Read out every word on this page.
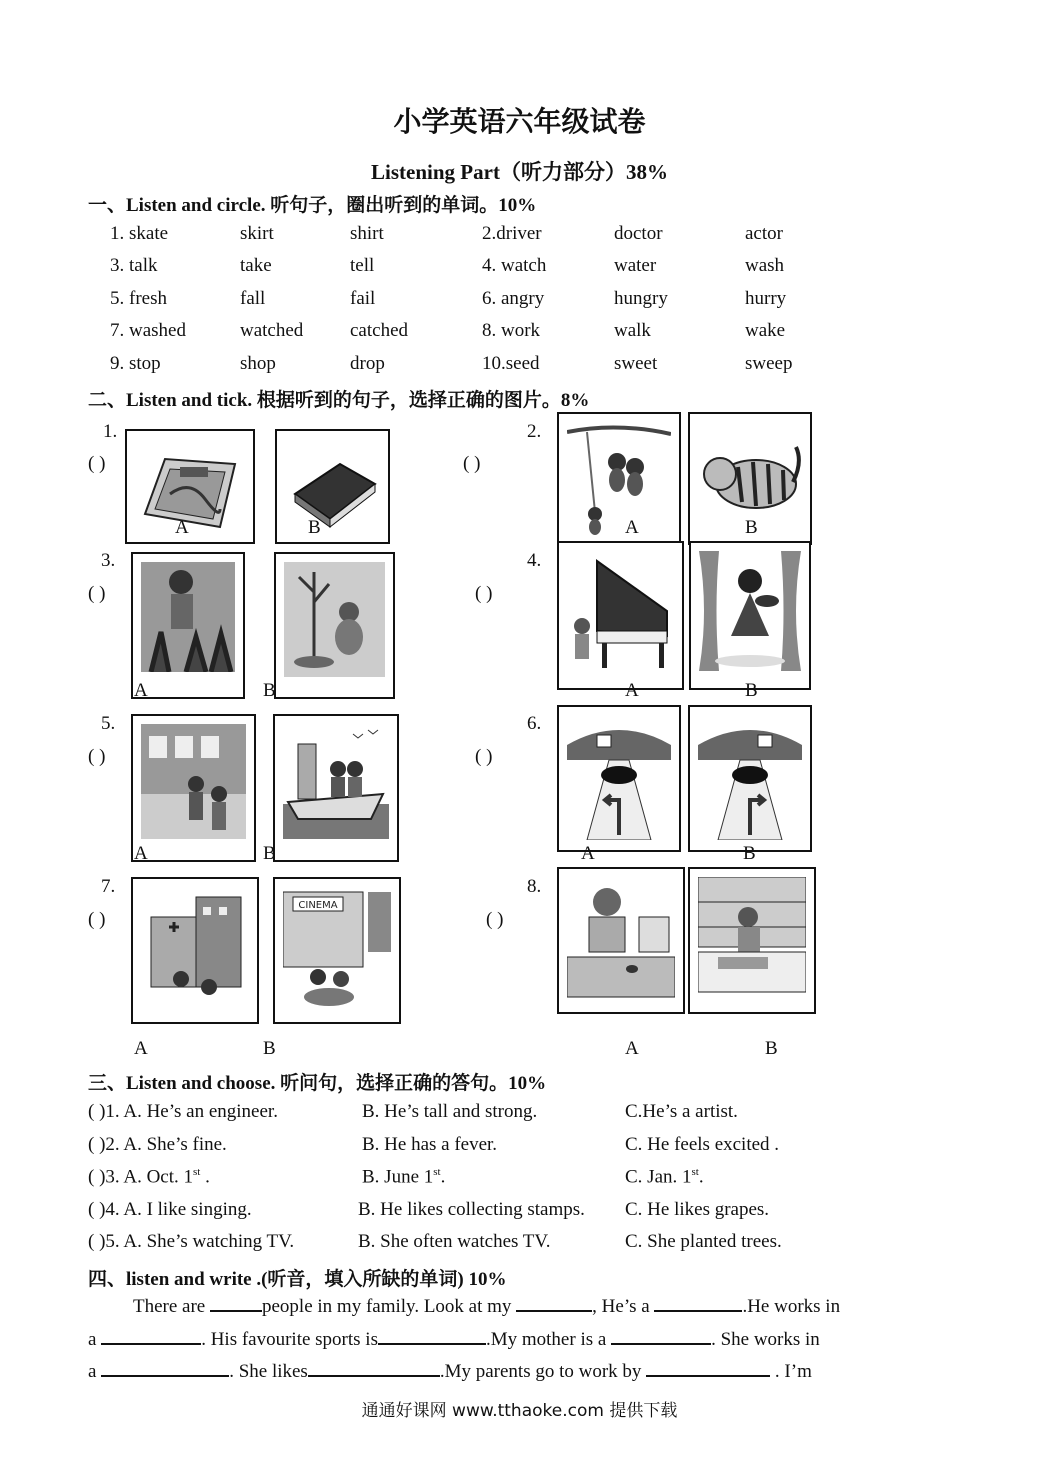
小学英语六年级试卷
Listening Part（听力部分）38%
一、Listen and circle. 听句子，圈出听到的单词。10%
1. skate	skirt	shirt	2.driver	doctor	actor
3. talk	take	tell	4. watch	water	wash
5. fresh	fall	fail	6. angry	hungry	hurry
7. washed	watched catched	8. work	walk	wake
9. stop	shop	drop	10.seed	sweet	sweep
二、Listen and tick. 根据听到的句子，选择正确的图片。8%
1.
( )
A	B
2.
( )
A	B
3.
( )
A	B
4.
( )
A	B
5.
( )
A	B
6.
( )
A	B
7.
( )
CINEMA
A	B
8.
( )
A	B
三、Listen and choose. 听问句，选择正确的答句。10%
( )1. A. He’s an engineer.	B. He’s tall and strong.	C.He’s a artist.
( )2. A. She’s fine.	B. He has a fever.	C. He feels excited .
( )3. A. Oct. 1st .	B. June 1st.	C. Jan. 1st.
( )4. A. I like singing.	B. He likes collecting stamps. C. He likes grapes.
( )5. A. She’s watching TV.	B. She often watches TV.	C. She planted trees.
四、listen and write .(听音，填入所缺的单词) 10%
There are	people in my family. Look at my	, He’s a	.He works in
a	. His favourite sports is	.My mother is a	. She works in
a	. She likes	.My parents go to work by	. I’m
通通好课网 www.tthaoke.com 提供下载
